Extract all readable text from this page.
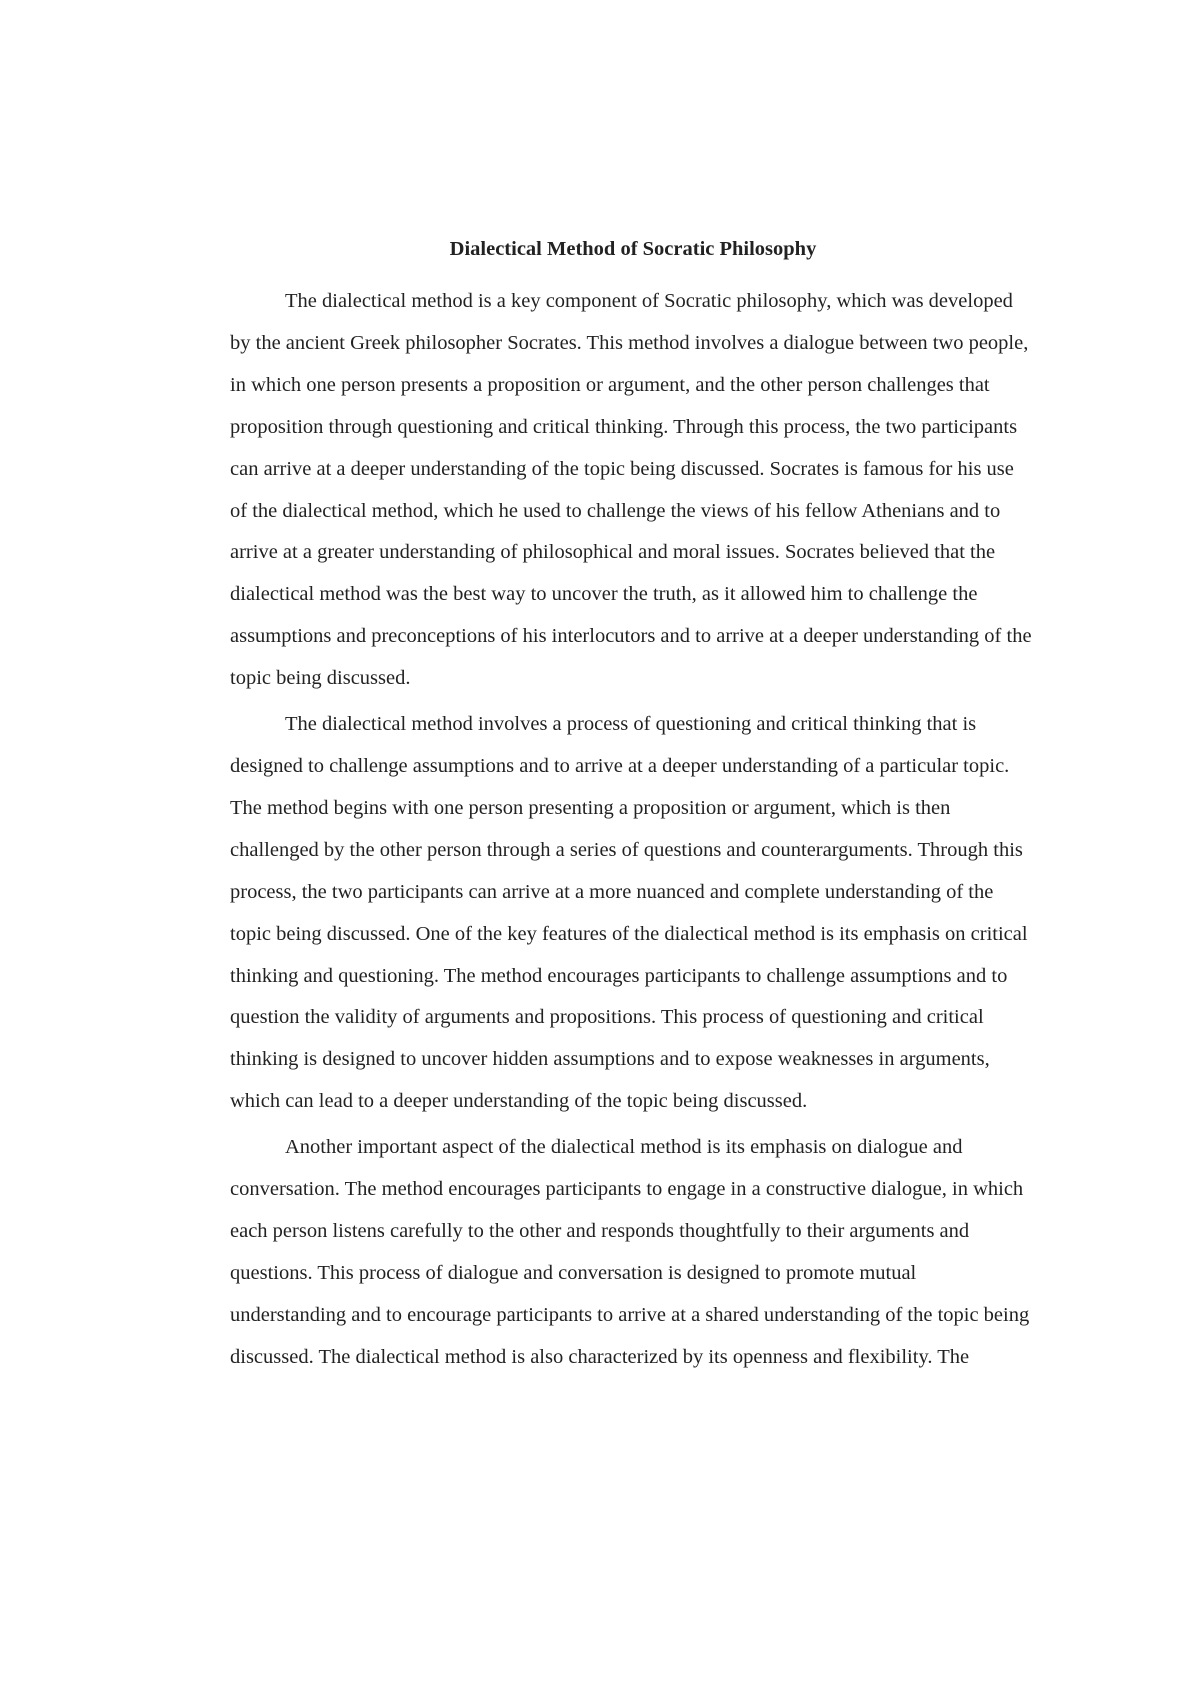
Dialectical Method of Socratic Philosophy

The dialectical method is a key component of Socratic philosophy, which was developed by the ancient Greek philosopher Socrates. This method involves a dialogue between two people, in which one person presents a proposition or argument, and the other person challenges that proposition through questioning and critical thinking. Through this process, the two participants can arrive at a deeper understanding of the topic being discussed. Socrates is famous for his use of the dialectical method, which he used to challenge the views of his fellow Athenians and to arrive at a greater understanding of philosophical and moral issues. Socrates believed that the dialectical method was the best way to uncover the truth, as it allowed him to challenge the assumptions and preconceptions of his interlocutors and to arrive at a deeper understanding of the topic being discussed.

The dialectical method involves a process of questioning and critical thinking that is designed to challenge assumptions and to arrive at a deeper understanding of a particular topic. The method begins with one person presenting a proposition or argument, which is then challenged by the other person through a series of questions and counterarguments. Through this process, the two participants can arrive at a more nuanced and complete understanding of the topic being discussed. One of the key features of the dialectical method is its emphasis on critical thinking and questioning. The method encourages participants to challenge assumptions and to question the validity of arguments and propositions. This process of questioning and critical thinking is designed to uncover hidden assumptions and to expose weaknesses in arguments, which can lead to a deeper understanding of the topic being discussed.

Another important aspect of the dialectical method is its emphasis on dialogue and conversation. The method encourages participants to engage in a constructive dialogue, in which each person listens carefully to the other and responds thoughtfully to their arguments and questions. This process of dialogue and conversation is designed to promote mutual understanding and to encourage participants to arrive at a shared understanding of the topic being discussed. The dialectical method is also characterized by its openness and flexibility. The
